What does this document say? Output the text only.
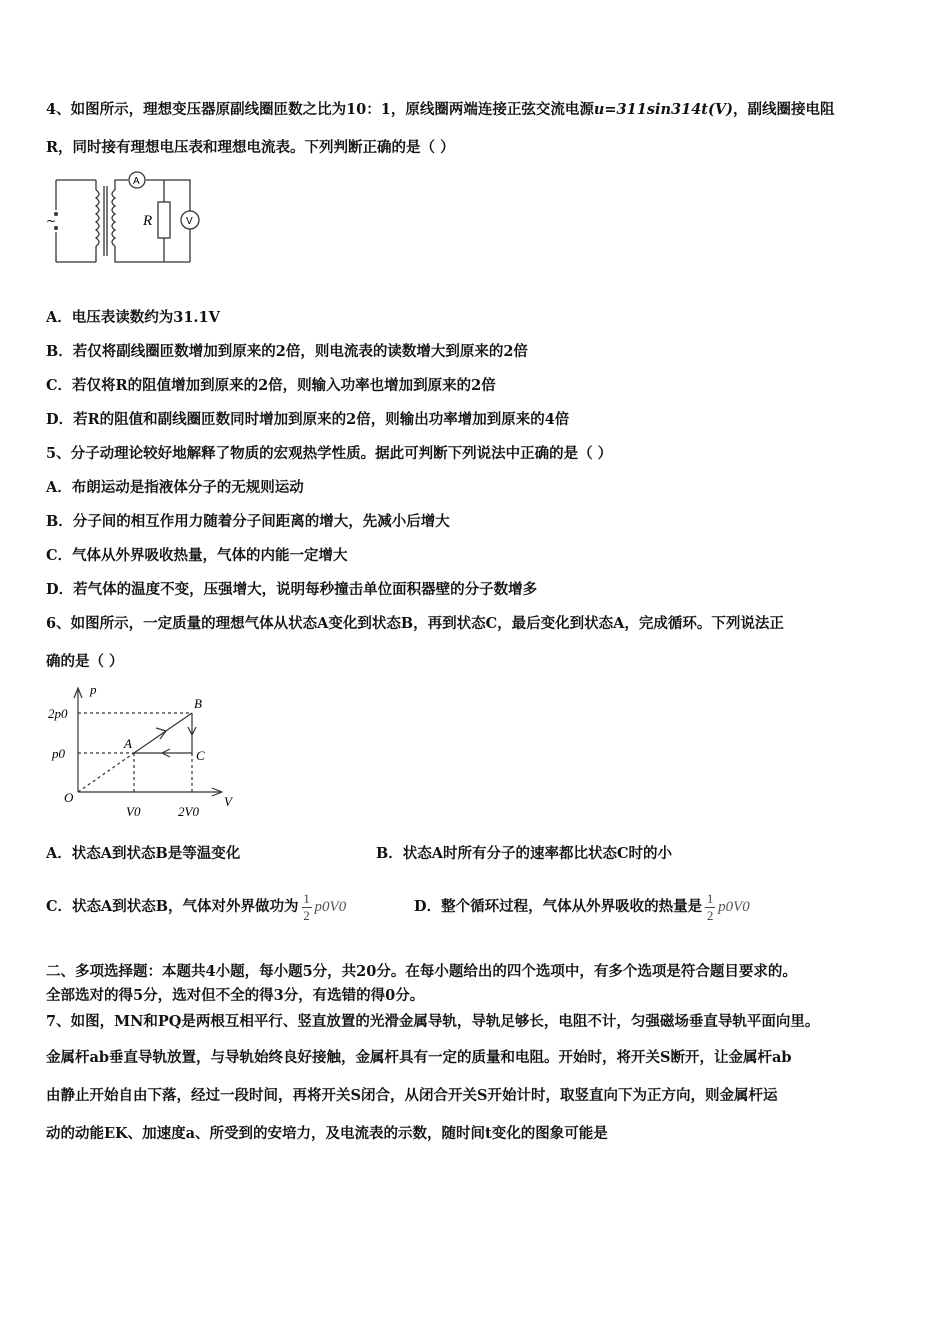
4、如图所示，理想变压器原副线圈匝数之比为10：1，原线圈两端连接正弦交流电源u=311sin314t(V)，副线圈接电阻
R，同时接有理想电压表和理想电流表。下列判断正确的是（ ）
~
A
R	V
A．电压表读数约为31.1V
B．若仅将副线圈匝数增加到原来的2倍，则电流表的读数增大到原来的2倍
C．若仅将R的阻值增加到原来的2倍，则输入功率也增加到原来的2倍
D．若R的阻值和副线圈匝数同时增加到原来的2倍，则输出功率增加到原来的4倍
5、分子动理论较好地解释了物质的宏观热学性质。据此可判断下列说法中正确的是（ ）
A．布朗运动是指液体分子的无规则运动
B．分子间的相互作用力随着分子间距离的增大，先减小后增大
C．气体从外界吸收热量，气体的内能一定增大
D．若气体的温度不变，压强增大，说明每秒撞击单位面积器壁的分子数增多
6、如图所示，一定质量的理想气体从状态A变化到状态B，再到状态C，最后变化到状态A，完成循环。下列说法正
确的是（ ）
p
V
O
2p0
p0
V0	2V0
A
B
C
A．状态A到状态B是等温变化	B．状态A时所有分子的速率都比状态C时的小
C．状态A到状态B，气体对外界做功为 $\frac{1}{2} p0V0$	D．整个循环过程，气体从外界吸收的热量是 $\frac{1}{2} p0V0$
二、多项选择题：本题共4小题，每小题5分，共20分。在每小题给出的四个选项中，有多个选项是符合题目要求的。
全部选对的得5分，选对但不全的得3分，有选错的得0分。
7、如图，MN和PQ是两根互相平行、竖直放置的光滑金属导轨，导轨足够长，电阻不计，匀强磁场垂直导轨平面向里。
金属杆ab垂直导轨放置，与导轨始终良好接触，金属杆具有一定的质量和电阻。开始时，将开关S断开，让金属杆ab
由静止开始自由下落，经过一段时间，再将开关S闭合，从闭合开关S开始计时，取竖直向下为正方向，则金属杆运
动的动能EK、加速度a、所受到的安培力，及电流表的示数，随时间t变化的图象可能是
